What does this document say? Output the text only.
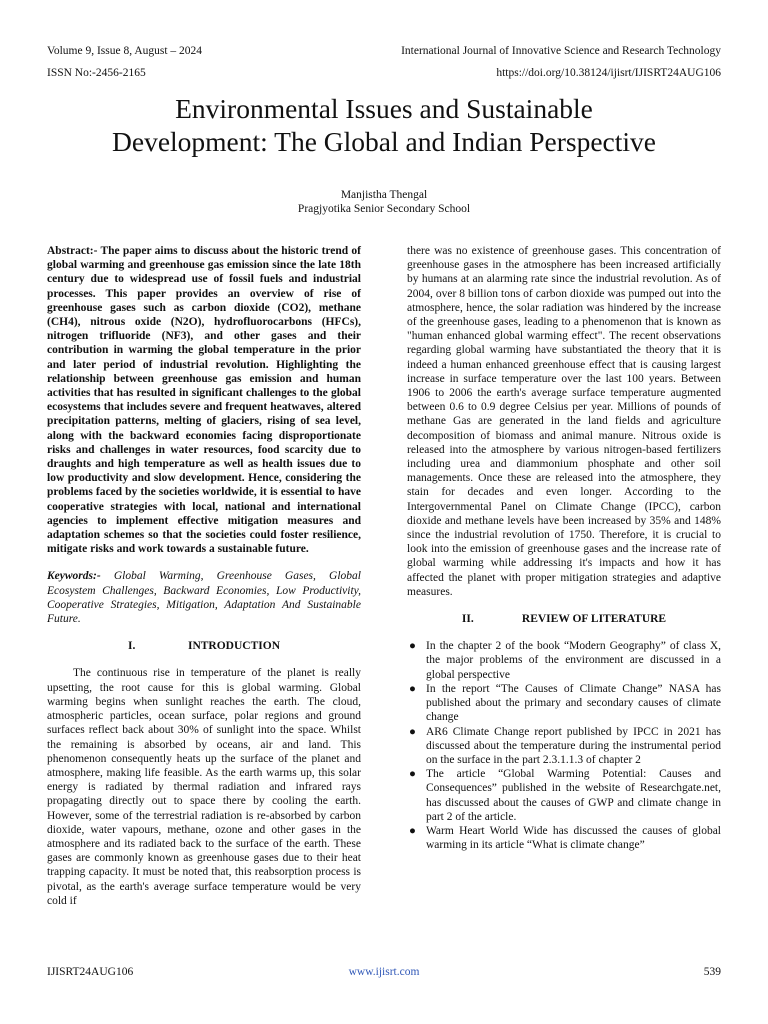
Volume 9, Issue 8, August – 2024	International Journal of Innovative Science and Research Technology
ISSN No:-2456-2165	https://doi.org/10.38124/ijisrt/IJISRT24AUG106
Environmental Issues and Sustainable
Development: The Global and Indian Perspective
Manjistha Thengal
Pragjyotika Senior Secondary School

Abstract:- The paper aims to discuss about the historic trend of global warming and greenhouse gas emission since the late 18th century due to widespread use of fossil fuels and industrial processes. This paper provides an overview of rise of greenhouse gases such as carbon dioxide (CO2), methane (CH4), nitrous oxide (N2O), hydrofluorocarbons (HFCs), nitrogen trifluoride (NF3), and other gases and their contribution in warming the global temperature in the prior and later period of industrial revolution. Highlighting the relationship between greenhouse gas emission and human activities that has resulted in significant challenges to the global ecosystems that includes severe and frequent heatwaves, altered precipitation patterns, melting of glaciers, rising of sea level, along with the backward economies facing disproportionate risks and challenges in water resources, food scarcity due to draughts and high temperature as well as health issues due to low productivity and slow development. Hence, considering the problems faced by the societies worldwide, it is essential to have cooperative strategies with local, national and international agencies to implement effective mitigation measures and adaptation schemes so that the societies could foster resilience, mitigate risks and work towards a sustainable future.

Keywords:- Global Warming, Greenhouse Gases, Global Ecosystem Challenges, Backward Economies, Low Productivity, Cooperative Strategies, Mitigation, Adaptation And Sustainable Future.

I.	INTRODUCTION

The continuous rise in temperature of the planet is really upsetting, the root cause for this is global warming. Global warming begins when sunlight reaches the earth. The cloud, atmospheric particles, ocean surface, polar regions and ground surfaces reflect back about 30% of sunlight into the space. Whilst the remaining is absorbed by oceans, air and land. This phenomenon consequently heats up the surface of the planet and atmosphere, making life feasible. As the earth warms up, this solar energy is radiated by thermal radiation and infrared rays propagating directly out to space there by cooling the earth. However, some of the terrestrial radiation is re-absorbed by carbon dioxide, water vapours, methane, ozone and other gases in the atmosphere and its radiated back to the surface of the earth. These gases are commonly known as greenhouse gases due to their heat trapping capacity. It must be noted that, this reabsorption process is pivotal, as the earth's average surface temperature would be very cold if

there was no existence of greenhouse gases. This concentration of greenhouse gases in the atmosphere has been increased artificially by humans at an alarming rate since the industrial revolution. As of 2004, over 8 billion tons of carbon dioxide was pumped out into the atmosphere, hence, the solar radiation was hindered by the increase of the greenhouse gases, leading to a phenomenon that is known as "human enhanced global warming effect". The recent observations regarding global warming have substantiated the theory that it is indeed a human enhanced greenhouse effect that is causing largest increase in surface temperature over the last 100 years. Between 1906 to 2006 the earth's average surface temperature augmented between 0.6 to 0.9 degree Celsius per year. Millions of pounds of methane Gas are generated in the land fields and agriculture decomposition of biomass and animal manure. Nitrous oxide is released into the atmosphere by various nitrogen-based fertilizers including urea and diammonium phosphate and other soil managements. Once these are released into the atmosphere, they stain for decades and even longer. According to the Intergovernmental Panel on Climate Change (IPCC), carbon dioxide and methane levels have been increased by 35% and 148% since the industrial revolution of 1750. Therefore, it is crucial to look into the emission of greenhouse gases and the increase rate of global warming while addressing it's impacts and how it has affected the planet with proper mitigation strategies and adaptive measures.

II.	REVIEW OF LITERATURE
● In the chapter 2 of the book “Modern Geography” of class X, the major problems of the environment are discussed in a global perspective
● In the report “The Causes of Climate Change” NASA has published about the primary and secondary causes of climate change
● AR6 Climate Change report published by IPCC in 2021 has discussed about the temperature during the instrumental period on the surface in the part 2.3.1.1.3 of chapter 2
● The article “Global Warming Potential: Causes and Consequences” published in the website of Researchgate.net, has discussed about the causes of GWP and climate change in part 2 of the article.
● Warm Heart World Wide has discussed the causes of global warming in its article “What is climate change”
IJISRT24AUG106	www.ijisrt.com	539
